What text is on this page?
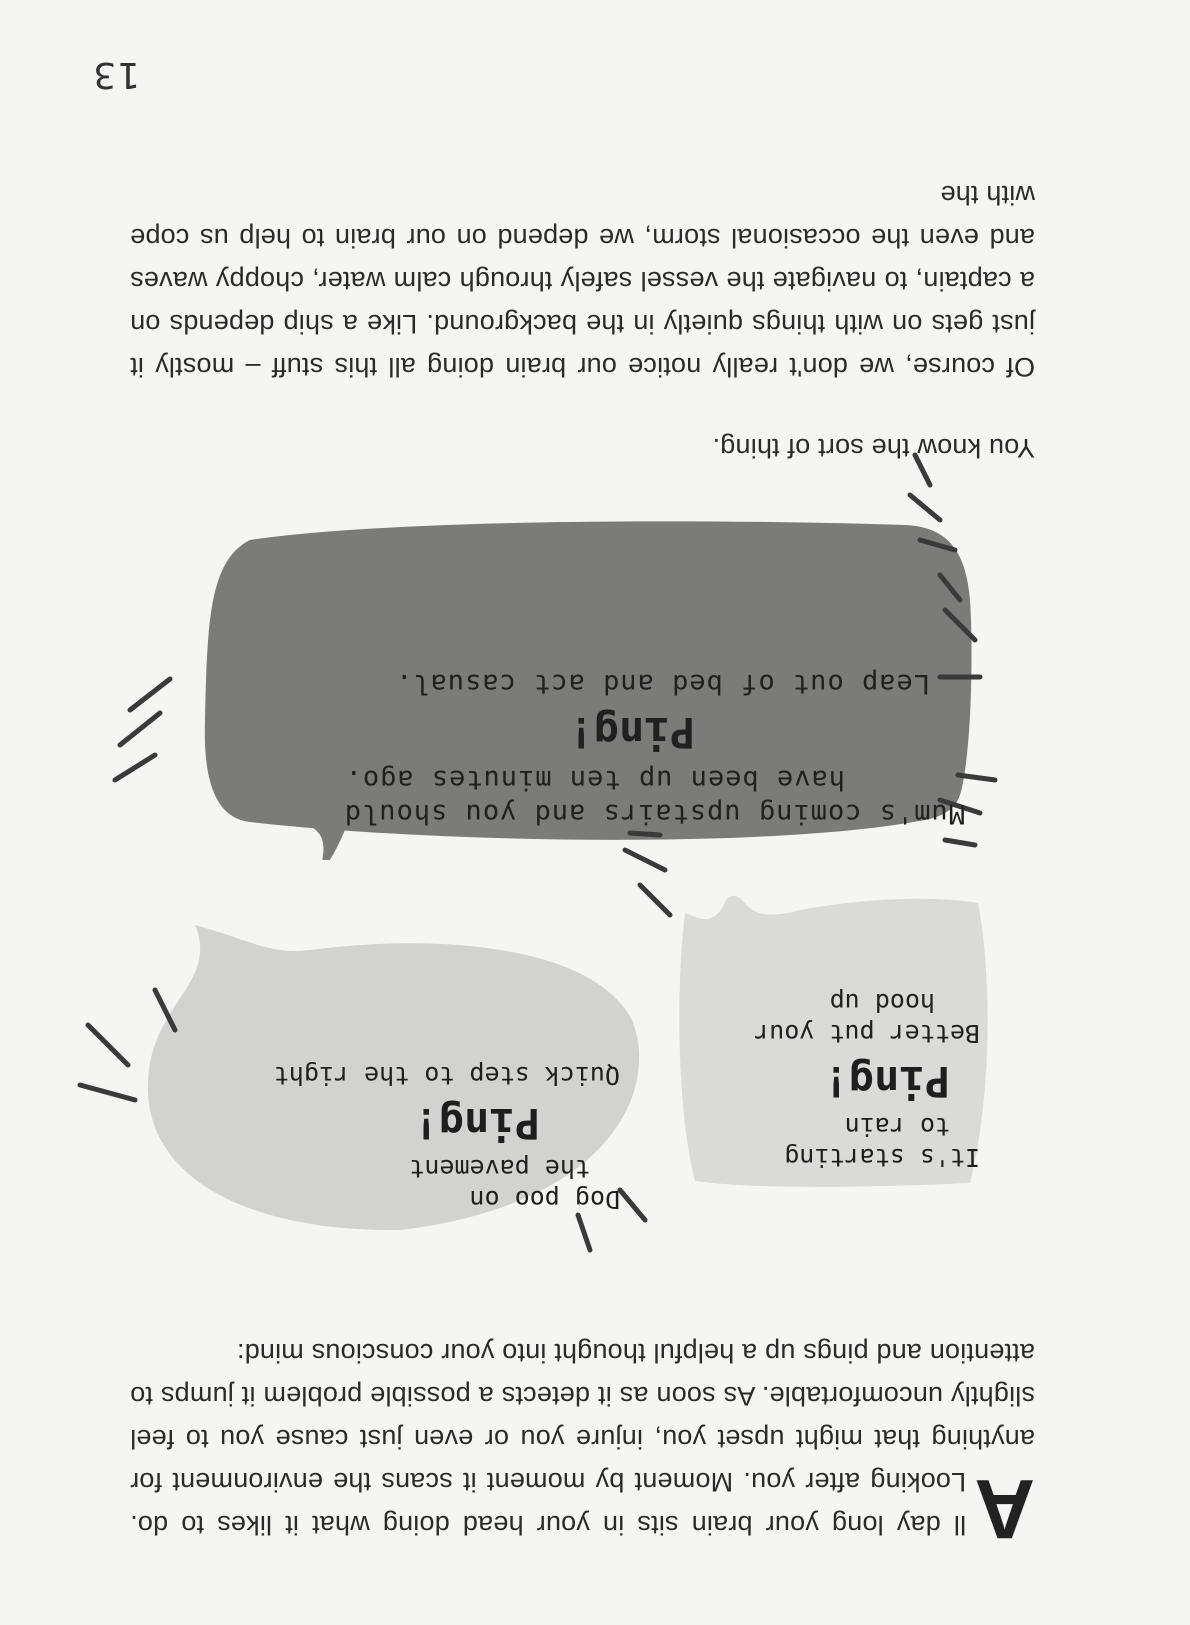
A
ll day long your brain sits in your head doing what it likes to do. Looking after you. Moment by moment it scans the environment for anything that might upset you, injure you or even just cause you to feel slightly uncomfortable. As soon as it detects a possible problem it jumps to attention and pings up a helpful thought into your conscious mind:

Dog poo on
the pavement
Ping!
Quick step to the right
It's starting
to rain
Ping!
Better put your
hood up
Mum's coming upstairs and you should
have been up ten minutes ago.
Ping!
Leap out of bed and act casual.

You know the sort of thing.

Of course, we don't really notice our brain doing all this stuff – mostly it just gets on with things quietly in the background. Like a ship depends on a captain, to navigate the vessel safely through calm water, choppy waves and even the occasional storm, we depend on our brain to help us cope with the

13
